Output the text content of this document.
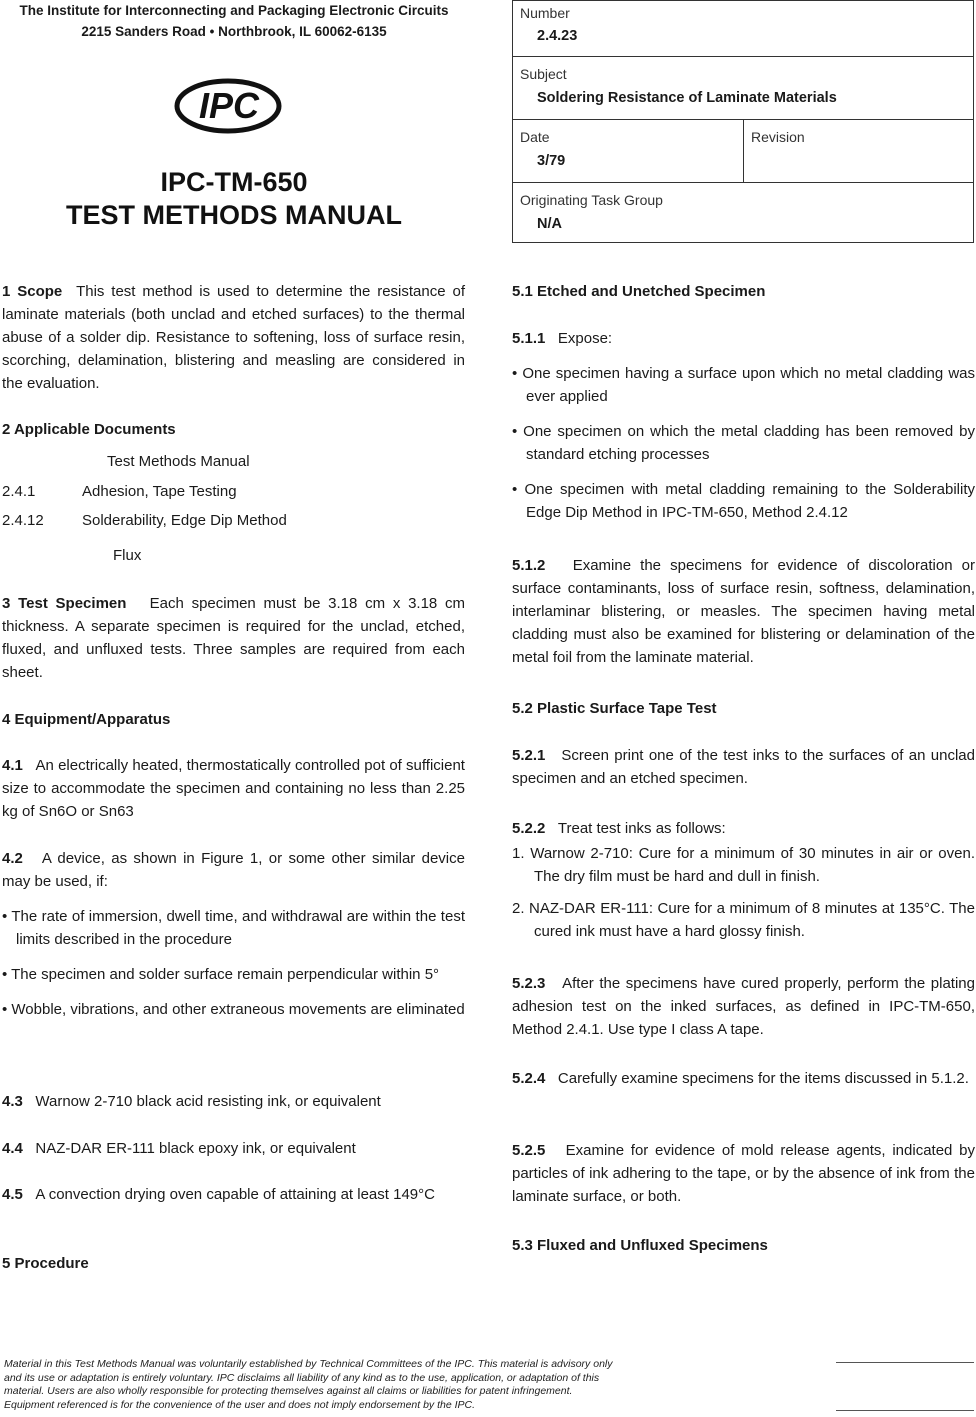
The Institute for Interconnecting and Packaging Electronic Circuits
2215 Sanders Road • Northbrook, IL 60062-6135
IPC
IPC-TM-650
TEST METHODS MANUAL
Number
2.4.23
Subject
Soldering Resistance of Laminate Materials
Date
3/79
Revision
Originating Task Group
N/A

1 Scope This test method is used to determine the resistance of laminate materials (both unclad and etched surfaces) to the thermal abuse of a solder dip. Resistance to softening, loss of surface resin, scorching, delamination, blistering and measling are considered in the evaluation.

2 Applicable Documents

Test Methods Manual
2.4.1	Adhesion, Tape Testing
2.4.12	Solderability, Edge Dip Method
Flux

3 Test Specimen Each specimen must be 3.18 cm x 3.18 cm thickness. A separate specimen is required for the unclad, etched, fluxed, and unfluxed tests. Three samples are required from each sheet.

4 Equipment/Apparatus

4.1 An electrically heated, thermostatically controlled pot of sufficient size to accommodate the specimen and containing no less than 2.25 kg of Sn6O or Sn63

4.2 A device, as shown in Figure 1, or some other similar device may be used, if:

• The rate of immersion, dwell time, and withdrawal are within the test limits described in the procedure

• The specimen and solder surface remain perpendicular within 5°

• Wobble, vibrations, and other extraneous movements are eliminated

4.3 Warnow 2-710 black acid resisting ink, or equivalent

4.4 NAZ-DAR ER-111 black epoxy ink, or equivalent

4.5 A convection drying oven capable of attaining at least 149°C

5 Procedure

5.1 Etched and Unetched Specimen

5.1.1 Expose:

• One specimen having a surface upon which no metal cladding was ever applied

• One specimen on which the metal cladding has been removed by standard etching processes

• One specimen with metal cladding remaining to the Solderability Edge Dip Method in IPC-TM-650, Method 2.4.12

5.1.2 Examine the specimens for evidence of discoloration or surface contaminants, loss of surface resin, softness, delamination, interlaminar blistering, or measles. The specimen having metal cladding must also be examined for blistering or delamination of the metal foil from the laminate material.

5.2 Plastic Surface Tape Test

5.2.1 Screen print one of the test inks to the surfaces of an unclad specimen and an etched specimen.

5.2.2 Treat test inks as follows:

1. Warnow 2-710: Cure for a minimum of 30 minutes in air or oven. The dry film must be hard and dull in finish.

2. NAZ-DAR ER-111: Cure for a minimum of 8 minutes at 135°C. The cured ink must have a hard glossy finish.

5.2.3 After the specimens have cured properly, perform the plating adhesion test on the inked surfaces, as defined in IPC-TM-650, Method 2.4.1. Use type I class A tape.

5.2.4 Carefully examine specimens for the items discussed in 5.1.2.

5.2.5 Examine for evidence of mold release agents, indicated by particles of ink adhering to the tape, or by the absence of ink from the laminate surface, or both.

5.3 Fluxed and Unfluxed Specimens

Material in this Test Methods Manual was voluntarily established by Technical Committees of the IPC. This material is advisory only
and its use or adaptation is entirely voluntary. IPC disclaims all liability of any kind as to the use, application, or adaptation of this
material. Users are also wholly responsible for protecting themselves against all claims or liabilities for patent infringement.
Equipment referenced is for the convenience of the user and does not imply endorsement by the IPC.
